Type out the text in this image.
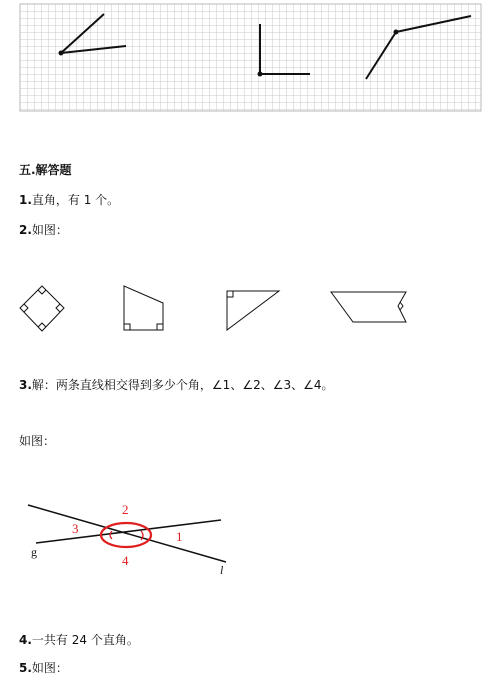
五.解答题
1.直角，有 1 个。
2.如图：
3.解：两条直线相交得到多少个角，∠1、∠2、∠3、∠4。
如图：
1
2
3
4
g
l
4.一共有 24 个直角。
5.如图：
